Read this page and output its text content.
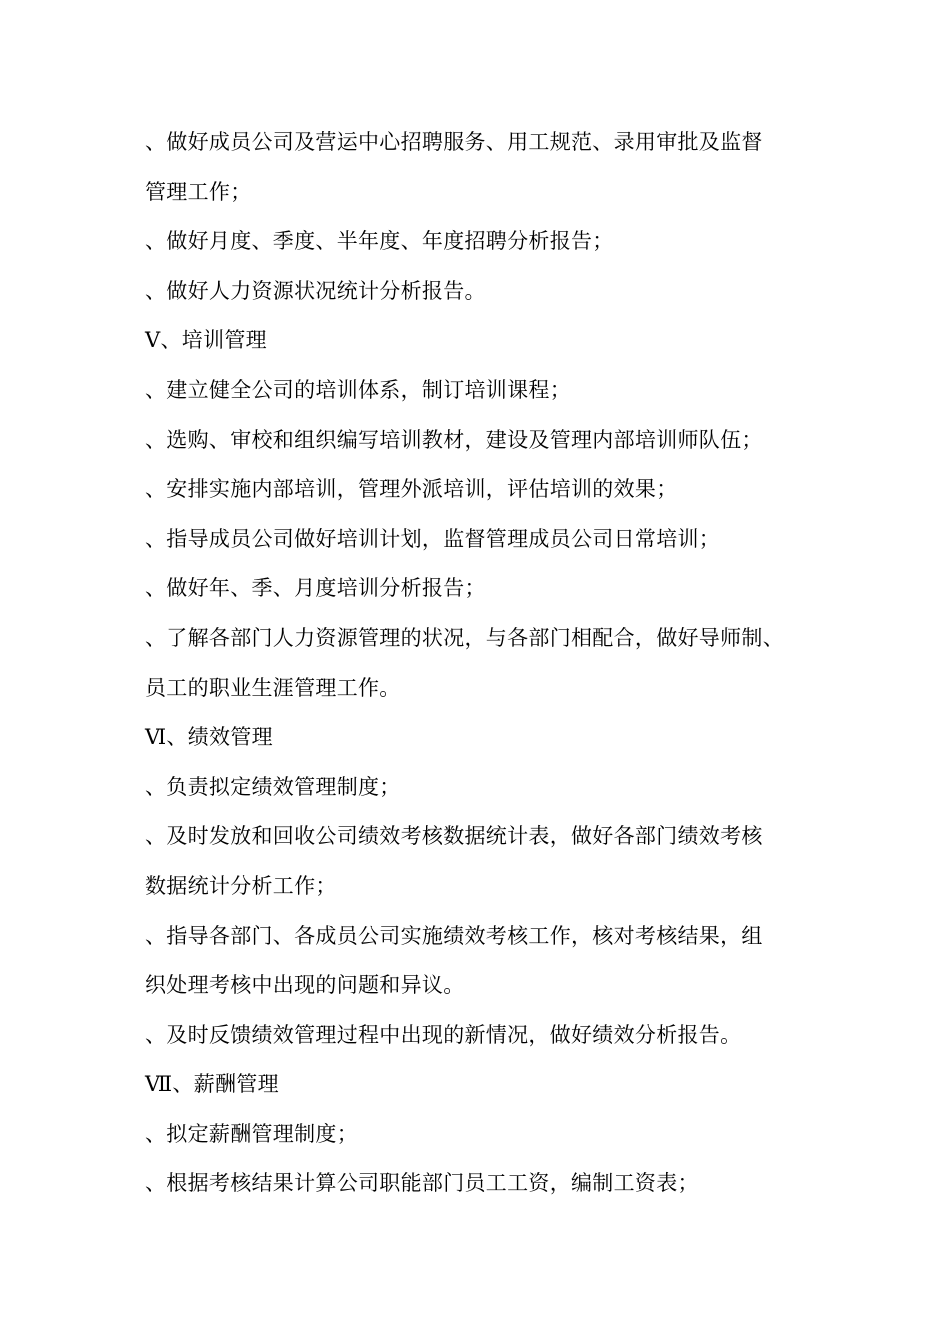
、做好成员公司及营运中心招聘服务、用工规范、录用审批及监督
管理工作；
、做好月度、季度、半年度、年度招聘分析报告；
、做好人力资源状况统计分析报告。
Ⅴ、培训管理
、建立健全公司的培训体系，制订培训课程；
、选购、审校和组织编写培训教材，建设及管理内部培训师队伍；
、安排实施内部培训，管理外派培训，评估培训的效果；
、指导成员公司做好培训计划，监督管理成员公司日常培训；
、做好年、季、月度培训分析报告；
、了解各部门人力资源管理的状况，与各部门相配合，做好导师制、
员工的职业生涯管理工作。
Ⅵ、绩效管理
、负责拟定绩效管理制度；
、及时发放和回收公司绩效考核数据统计表，做好各部门绩效考核
数据统计分析工作；
、指导各部门、各成员公司实施绩效考核工作，核对考核结果，组
织处理考核中出现的问题和异议。
、及时反馈绩效管理过程中出现的新情况，做好绩效分析报告。
Ⅶ、薪酬管理
、拟定薪酬管理制度；
、根据考核结果计算公司职能部门员工工资，编制工资表；
